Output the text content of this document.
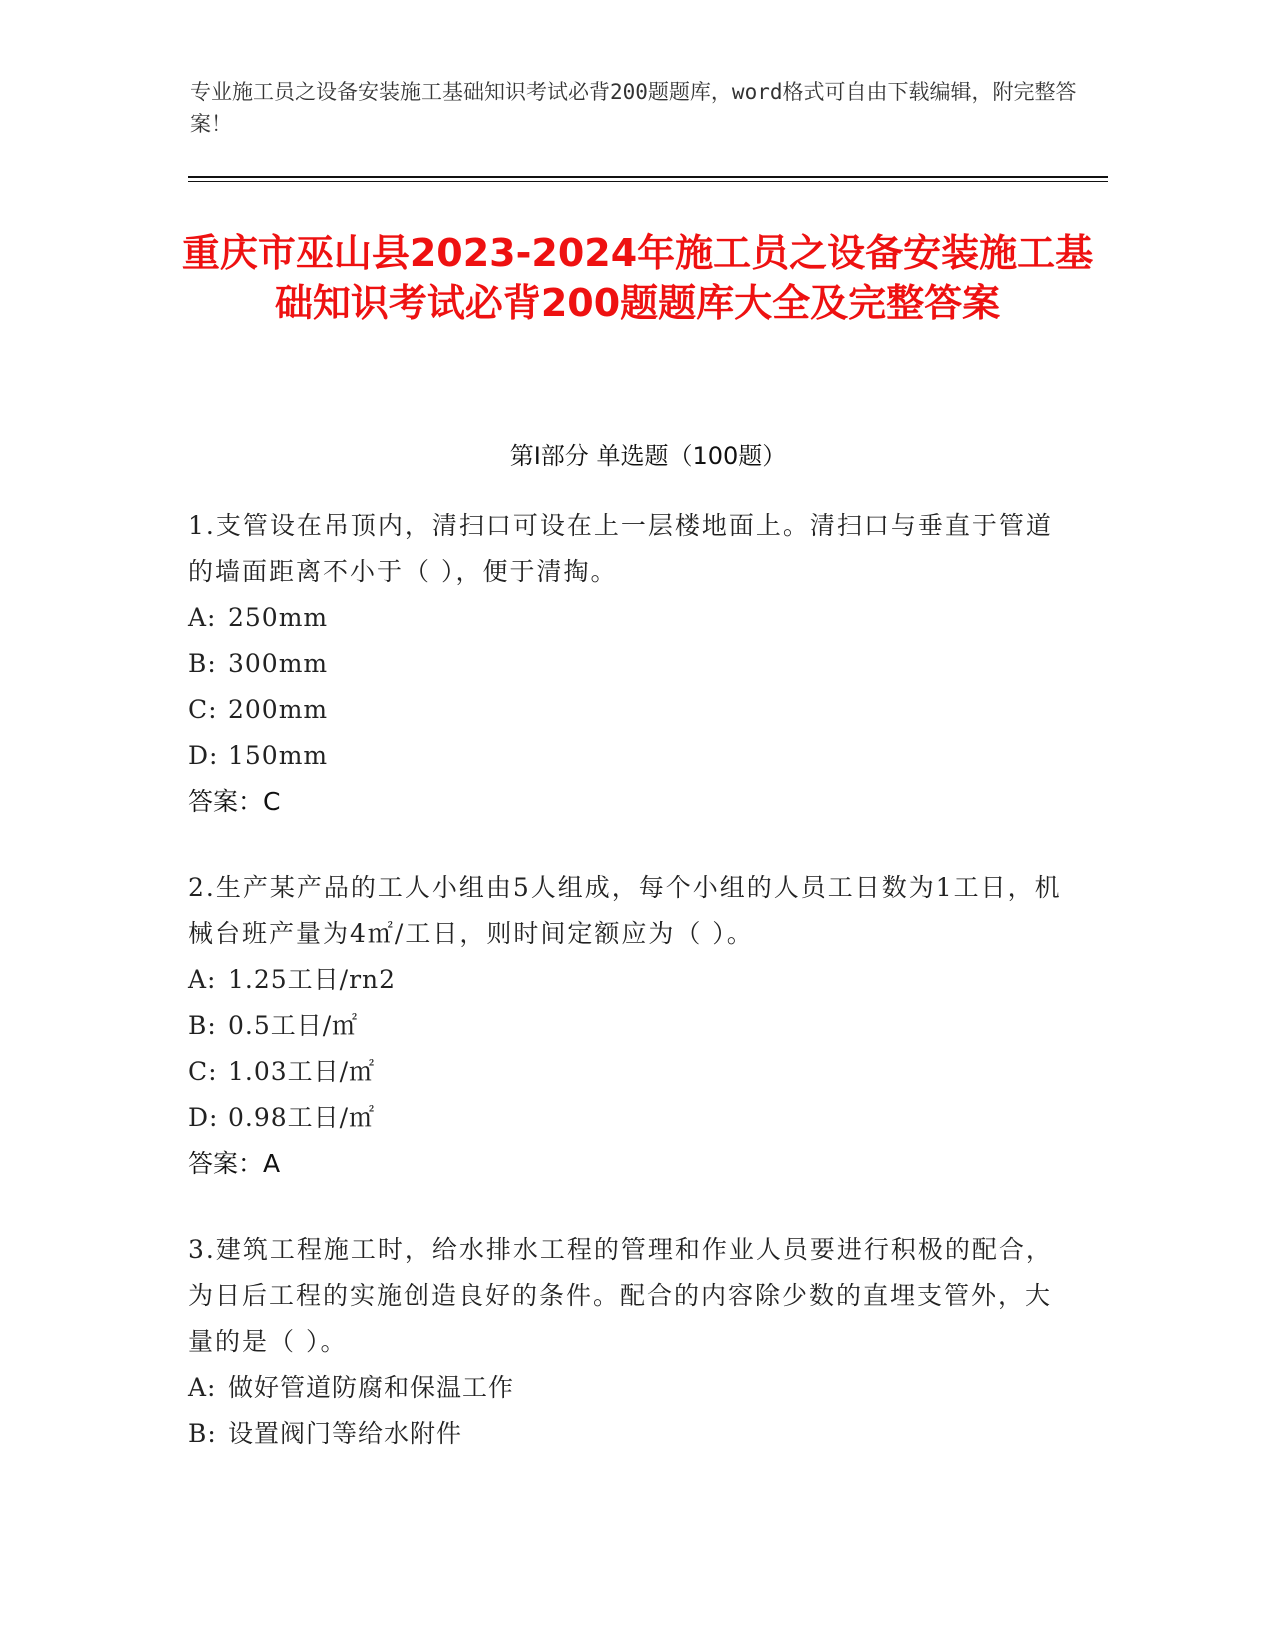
专业施工员之设备安装施工基础知识考试必背200题题库，word格式可自由下载编辑，附完整答案！
重庆市巫山县2023-2024年施工员之设备安装施工基础知识考试必背200题题库大全及完整答案
第Ⅰ部分 单选题（100题）

1.支管设在吊顶内，清扫口可设在上一层楼地面上。清扫口与垂直于管道的墙面距离不小于（ ），便于清掏。

A: 250mm

B: 300mm

C: 200mm

D: 150mm

答案：C

2.生产某产品的工人小组由5人组成，每个小组的人员工日数为1工日，机械台班产量为4㎡/工日，则时间定额应为（ ）。

A: 1.25工日/rn2

B: 0.5工日/㎡

C: 1.03工日/㎡

D: 0.98工日/㎡

答案：A

3.建筑工程施工时，给水排水工程的管理和作业人员要进行积极的配合，为日后工程的实施创造良好的条件。配合的内容除少数的直埋支管外，大量的是（ ）。

A: 做好管道防腐和保温工作

B: 设置阀门等给水附件
